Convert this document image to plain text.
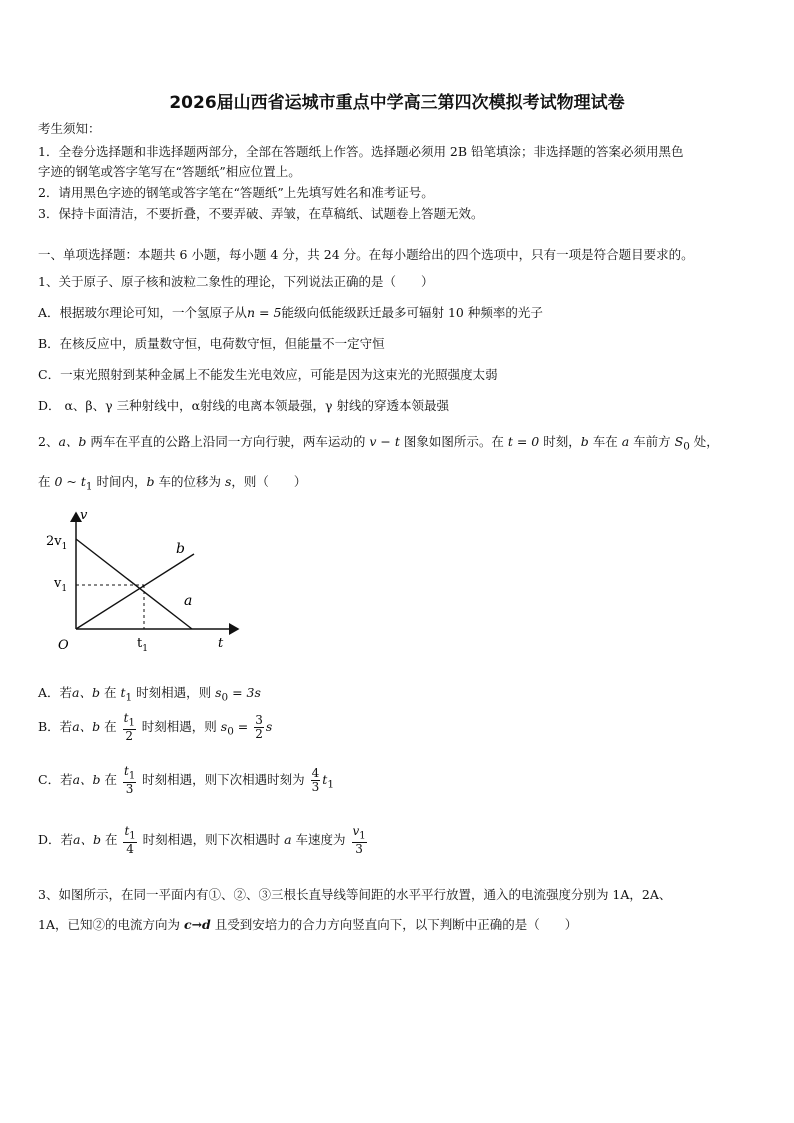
2026届山西省运城市重点中学高三第四次模拟考试物理试卷
考生须知：
1．全卷分选择题和非选择题两部分，全部在答题纸上作答。选择题必须用 2B 铅笔填涂；非选择题的答案必须用黑色
字迹的钢笔或答字笔写在“答题纸”相应位置上。
2．请用黑色字迹的钢笔或答字笔在“答题纸”上先填写姓名和准考证号。
3．保持卡面清洁，不要折叠，不要弄破、弄皱，在草稿纸、试题卷上答题无效。
一、单项选择题：本题共 6 小题，每小题 4 分，共 24 分。在每小题给出的四个选项中，只有一项是符合题目要求的。
1、关于原子、原子核和波粒二象性的理论，下列说法正确的是（　　）
A．根据玻尔理论可知，一个氢原子从n = 5能级向低能级跃迁最多可辐射 10 种频率的光子
B．在核反应中，质量数守恒，电荷数守恒，但能量不一定守恒
C．一束光照射到某种金属上不能发生光电效应，可能是因为这束光的光照强度太弱
D． α、β、γ 三种射线中，α射线的电离本领最强，γ 射线的穿透本领最强
2、a、b 两车在平直的公路上沿同一方向行驶，两车运动的 v − t 图象如图所示。在 t = 0 时刻，b 车在 a 车前方 $S_0$ 处，
在 0 ~ $t_1$ 时间内，b 车的位移为 s，则（　　）
v
t
O
$2v_1$
$v_1$
$t_1$
b
a
A．若a、b 在 $t_1$ 时刻相遇，则 $s_0 = 3s$
B．若a、b 在 $\frac{t_1}{2}$ 时刻相遇，则 $s_0 = \frac{3}{2}$ s
C．若a、b 在 $\frac{t_1}{3}$ 时刻相遇，则下次相遇时刻为 $\frac{4}{3} t_1$
D．若a、b 在 $\frac{t_1}{4}$ 时刻相遇，则下次相遇时 a 车速度为 $\frac{v_1}{3}$
3、如图所示，在同一平面内有①、②、③三根长直导线等间距的水平平行放置，通入的电流强度分别为 1A，2A、
1A，已知②的电流方向为 c→d 且受到安培力的合力方向竖直向下，以下判断中正确的是（　　）
